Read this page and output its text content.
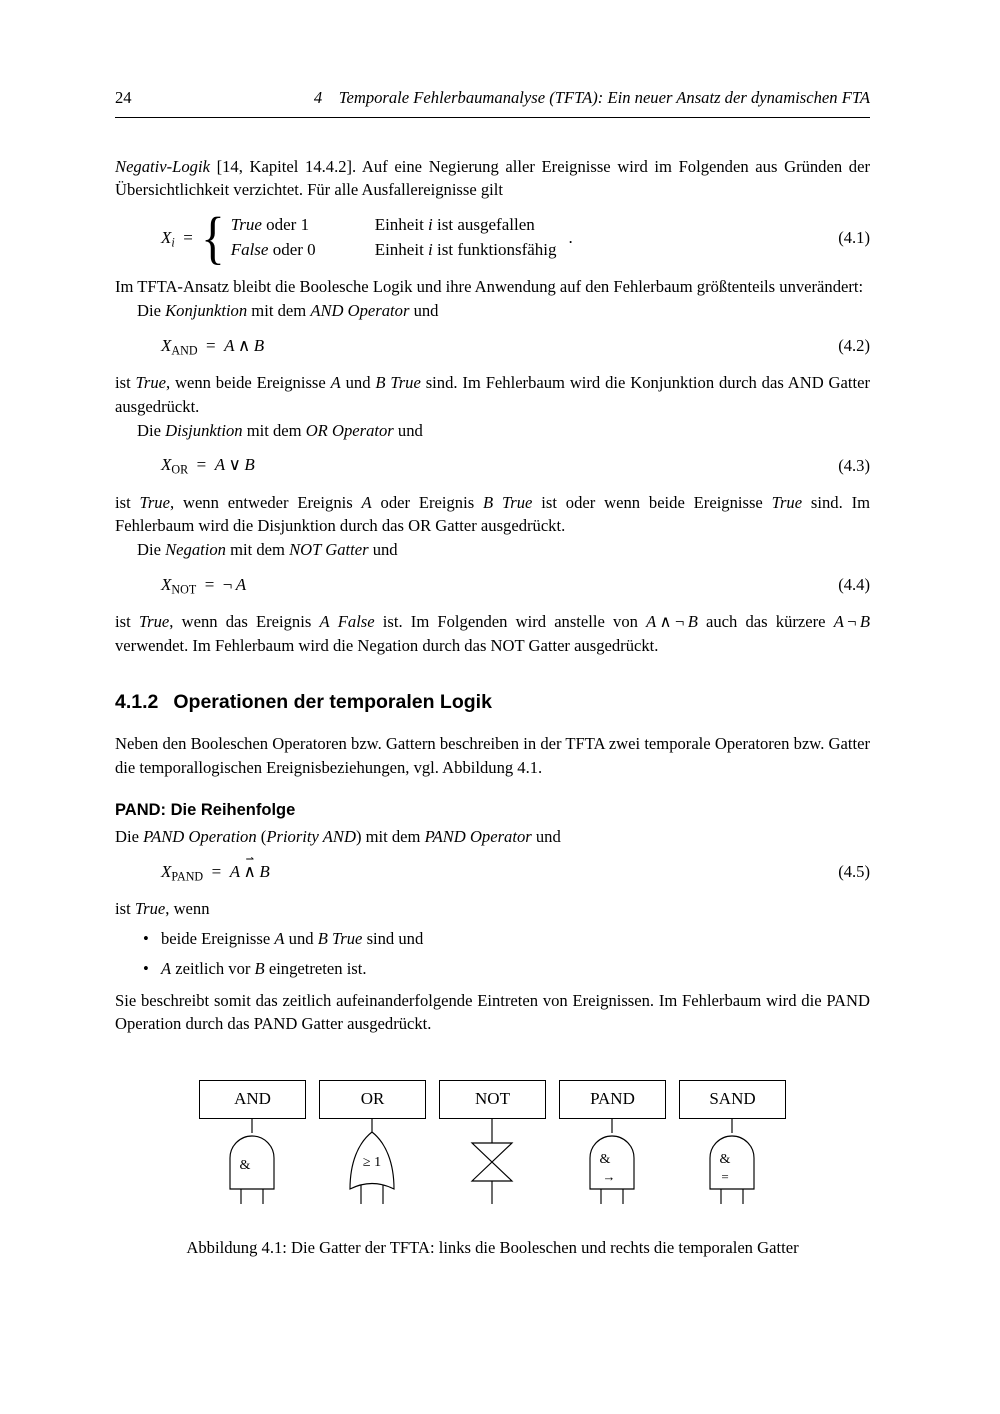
24	4 Temporale Fehlerbaumanalyse (TFTA): Ein neuer Ansatz der dynamischen FTA

Negativ-Logik [14, Kapitel 14.4.2]. Auf eine Negierung aller Ereignisse wird im Folgenden aus Gründen der Übersichtlichkeit verzichtet. Für alle Ausfallereignisse gilt

$X_i$ = { True oder 1	Einheit i ist ausgefallen
False oder 0	Einheit i ist funktionsfähig
.	(4.1)

Im TFTA-Ansatz bleibt die Boolesche Logik und ihre Anwendung auf den Fehlerbaum größtenteils unverändert:

Die Konjunktion mit dem AND Operator und

$X_{AND}$ = A ∧ B	(4.2)

ist True, wenn beide Ereignisse A und B True sind. Im Fehlerbaum wird die Konjunktion durch das AND Gatter ausgedrückt.

Die Disjunktion mit dem OR Operator und

$X_{OR}$ = A ∨ B	(4.3)

ist True, wenn entweder Ereignis A oder Ereignis B True ist oder wenn beide Ereignisse True sind. Im Fehlerbaum wird die Disjunktion durch das OR Gatter ausgedrückt.

Die Negation mit dem NOT Gatter und

$X_{NOT}$ = ¬ A	(4.4)

ist True, wenn das Ereignis A False ist. Im Folgenden wird anstelle von A ∧ ¬ B auch das kürzere A ¬ B verwendet. Im Fehlerbaum wird die Negation durch das NOT Gatter ausgedrückt.

4.1.2 Operationen der temporalen Logik

Neben den Booleschen Operatoren bzw. Gattern beschreiben in der TFTA zwei temporale Operatoren bzw. Gatter die temporallogischen Ereignisbeziehungen, vgl. Abbildung 4.1.

PAND: Die Reihenfolge

Die PAND Operation (Priority AND) mit dem PAND Operator und

$X_{PAND}$ = A 
⇀
∧  B	(4.5)

ist True, wenn

• beide Ereignisse A und B True sind und
• A zeitlich vor B eingetreten ist.

Sie beschreibt somit das zeitlich aufeinanderfolgende Eintreten von Ereignissen. Im Fehlerbaum wird die PAND Operation durch das PAND Gatter ausgedrückt.

AND
&
OR
≥ 1
NOT	PAND
&
→
SAND
&
=
Abbildung 4.1: Die Gatter der TFTA: links die Booleschen und rechts die temporalen Gatter
